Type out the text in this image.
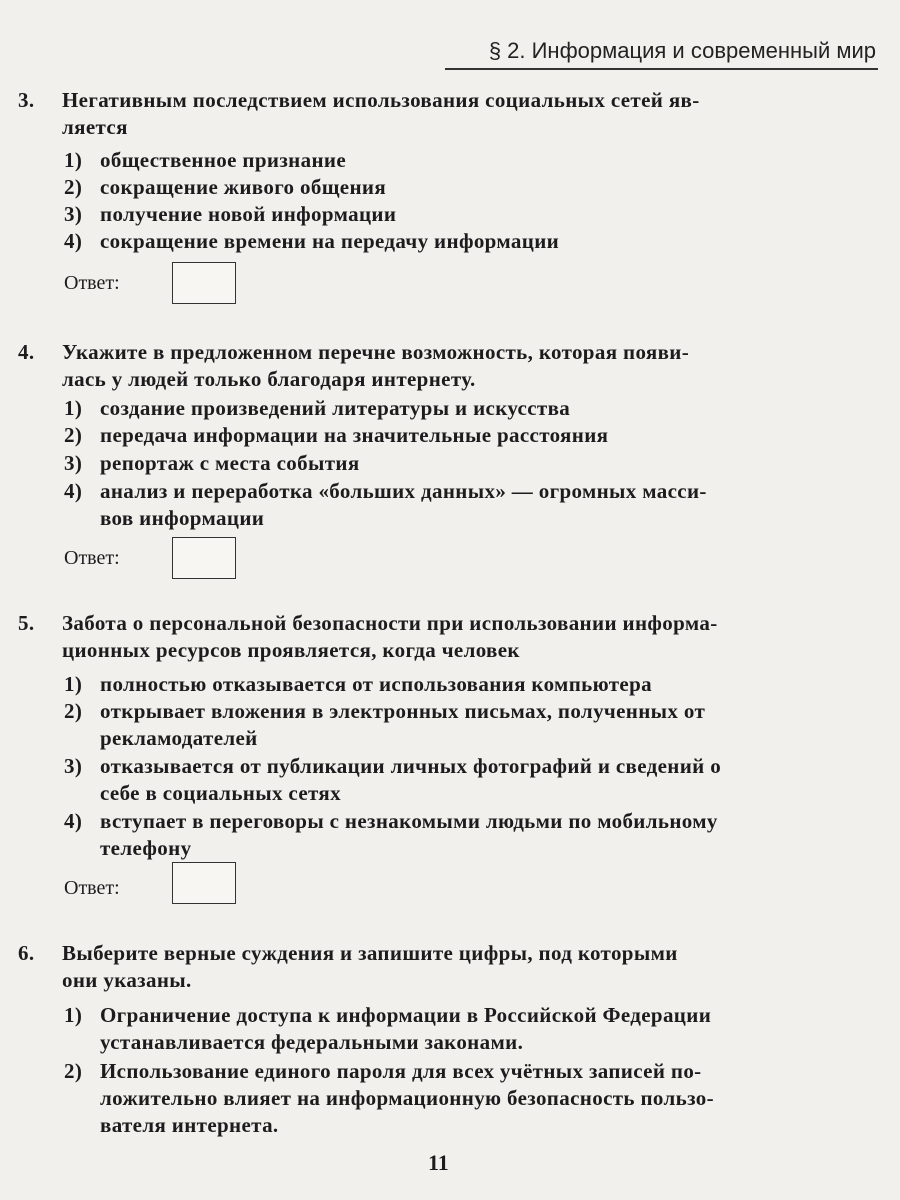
§ 2. Информация и современный мир
3. Негативным последствием использования социальных сетей яв-
ляется
1) общественное признание
2) сокращение живого общения
3) получение новой информации
4) сокращение времени на передачу информации
Ответ:
4. Укажите в предложенном перечне возможность, которая появи-
лась у людей только благодаря интернету.
1) создание произведений литературы и искусства
2) передача информации на значительные расстояния
3) репортаж с места события
4) анализ и переработка «больших данных» — огромных масси-
вов информации
Ответ:
5. Забота о персональной безопасности при использовании информа-
ционных ресурсов проявляется, когда человек
1) полностью отказывается от использования компьютера
2) открывает вложения в электронных письмах, полученных от
рекламодателей
3) отказывается от публикации личных фотографий и сведений о
себе в социальных сетях
4) вступает в переговоры с незнакомыми людьми по мобильному
телефону
Ответ:
6. Выберите верные суждения и запишите цифры, под которыми
они указаны.
1) Ограничение доступа к информации в Российской Федерации
устанавливается федеральными законами.
2) Использование единого пароля для всех учётных записей по-
ложительно влияет на информационную безопасность пользо-
вателя интернета.
11
